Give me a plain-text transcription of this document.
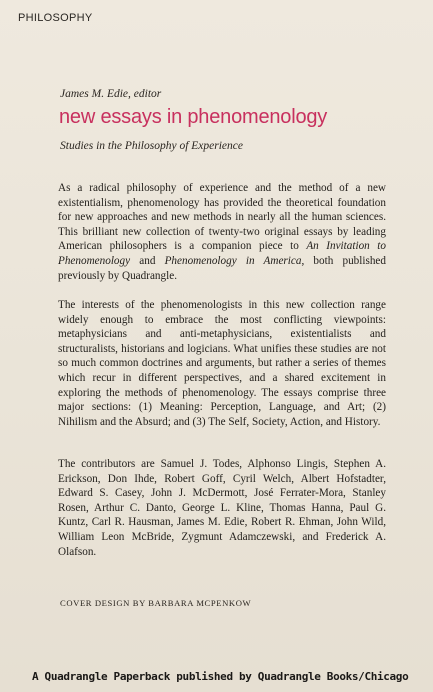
PHILOSOPHY
James M. Edie, editor
new essays in phenomenology
Studies in the Philosophy of Experience
As a radical philosophy of experience and the method of a new existentialism, phenomenology has provided the theoretical foundation for new approaches and new methods in nearly all the human sciences. This brilliant new collection of twenty-two original essays by leading American philosophers is a companion piece to An Invitation to Phenomenology and Phenomenology in America, both published previously by Quadrangle.
The interests of the phenomenologists in this new collection range widely enough to embrace the most conflicting viewpoints: metaphysicians and anti-metaphysicians, existentialists and structuralists, historians and logicians. What unifies these studies are not so much common doctrines and arguments, but rather a series of themes which recur in different perspectives, and a shared excitement in exploring the methods of phenomenology. The essays comprise three major sections: (1) Meaning: Perception, Language, and Art; (2) Nihilism and the Absurd; and (3) The Self, Society, Action, and History.
The contributors are Samuel J. Todes, Alphonso Lingis, Stephen A. Erickson, Don Ihde, Robert Goff, Cyril Welch, Albert Hofstadter, Edward S. Casey, John J. McDermott, José Ferrater-Mora, Stanley Rosen, Arthur C. Danto, George L. Kline, Thomas Hanna, Paul G. Kuntz, Carl R. Hausman, James M. Edie, Robert R. Ehman, John Wild, William Leon McBride, Zygmunt Adamczewski, and Frederick A. Olafson.
COVER DESIGN BY BARBARA MCPENKOW
A Quadrangle Paperback published by Quadrangle Books/Chicago
